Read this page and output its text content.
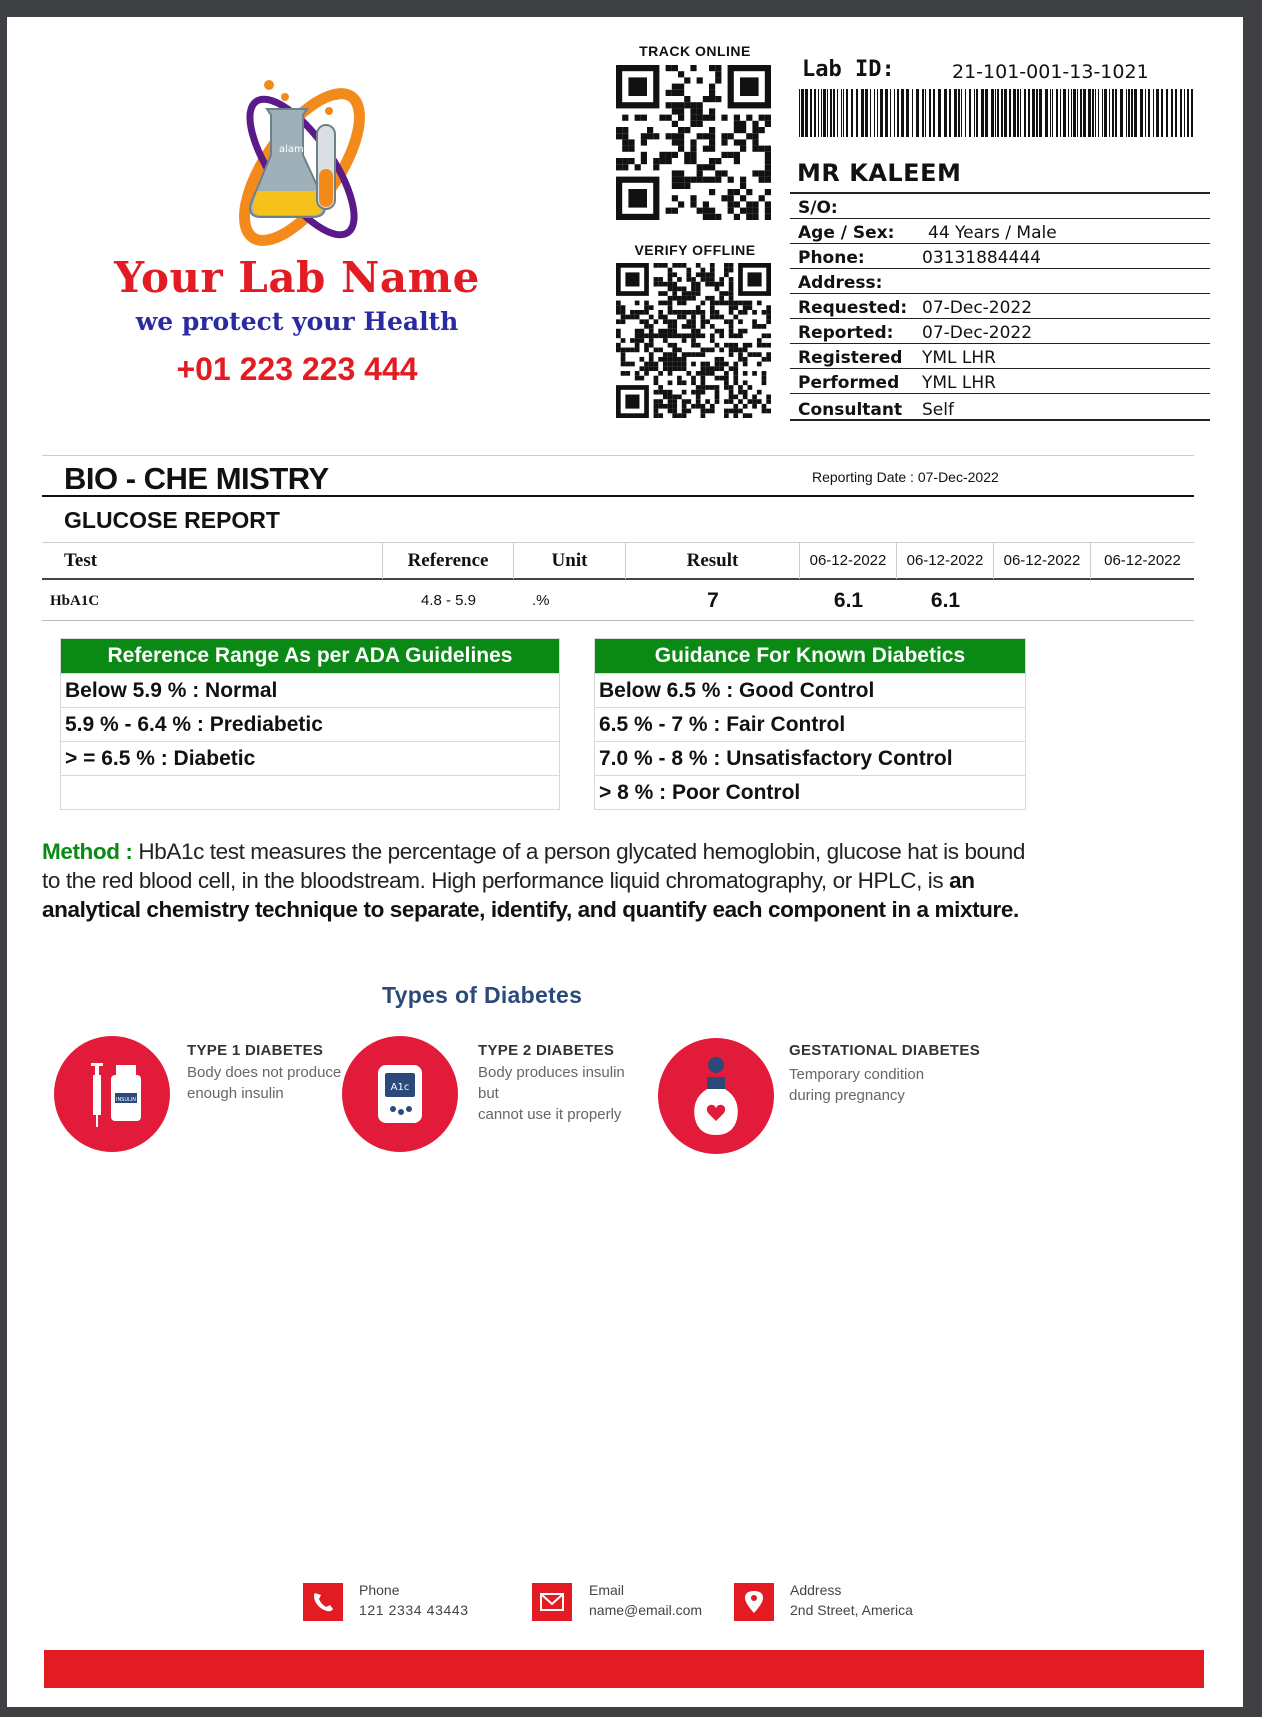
alamy
Your Lab Name
we protect your Health
+01 223 223 444
TRACK ONLINE
VERIFY OFFLINE
Lab ID:	21-101-001-13-1021
MR KALEEM
S/O:
Age / Sex: 44 Years / Male
Phone:	03131884444
Address:
Requested: 07-Dec-2022
Reported: 07-Dec-2022
Registered YML LHR
Performed YML LHR
Consultant Self
BIO - CHE MISTRY	Reporting Date : 07-Dec-2022
GLUCOSE REPORT
Test	Reference	Unit	Result	06-12-2022	06-12-2022	06-12-2022	06-12-2022
HbA1C	4.8 - 5.9	.%	7	6.1	6.1
Reference Range As per ADA Guidelines
Below 5.9 % : Normal
5.9 % - 6.4 % : Prediabetic
> = 6.5 % : Diabetic
Guidance For Known Diabetics
Below 6.5 % : Good Control
6.5 % - 7 % : Fair Control
7.0 % - 8 % : Unsatisfactory Control
> 8 % : Poor Control
Method : HbA1c test measures the percentage of a person glycated hemoglobin, glucose hat is bound to the red blood cell, in the bloodstream. High performance liquid chromatography, or HPLC, is an analytical chemistry technique to separate, identify, and quantify each component in a mixture.
Types of Diabetes
INSULIN
TYPE 1 DIABETES
Body does not produce
enough insulin	A1c
TYPE 2 DIABETES
Body produces insulin but
cannot use it properly
GESTATIONAL DIABETES
Temporary condition
during pregnancy
Phone
121 2334 43443
Email
name@email.com
Address
2nd Street, America
